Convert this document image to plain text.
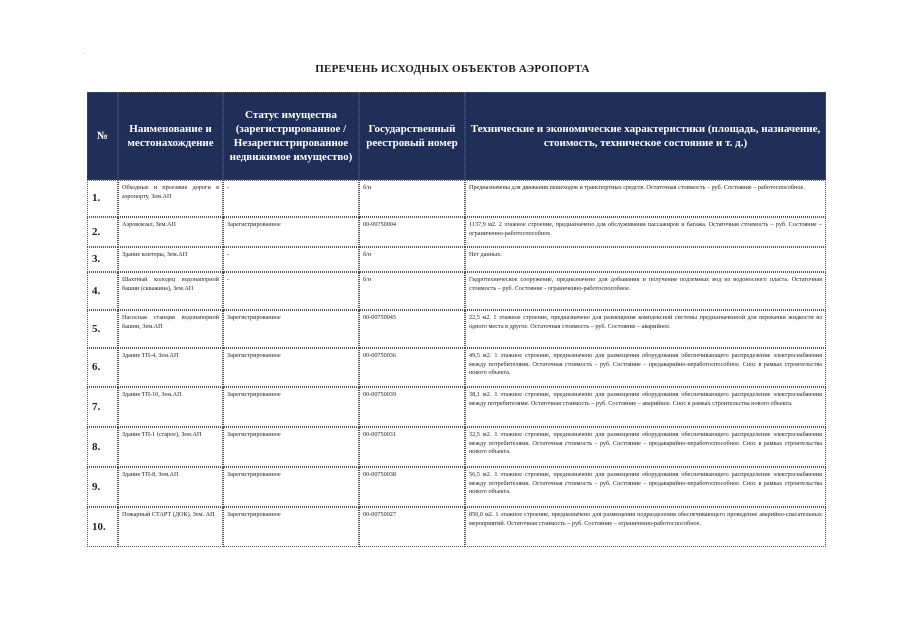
.
ПЕРЕЧЕНЬ ИСХОДНЫХ ОБЪЕКТОВ АЭРОПОРТА
№	Наименование и местонахождение	Статус имущества (зарегистрированное / Незарегистрированное недвижимое имущество)	Государственный реестровый номер	Технические и экономические характеристики (площадь, назначение, стоимость, техническое состояние и т. д.)
1.	Обходные и проезжие дороги в аэропорту, Зем.АП	-	б/н	Предназначены для движения пешеходов и транспортных средств. Остаточная стоимость – руб. Состояние – работоспособное.
2.	Аэровокзал, Зем.АП	Зарегистрированное	00-00750004	1137,9 м2. 2 этажное строение, предназначено для обслуживания пассажиров и багажа. Остаточная стоимость – руб. Состояние – ограниченно-работоспособное.
3.	Здание конторы, Зем.АП	-	б/н	Нет данных.
4.	Шахтный колодец водонапорной башни (скважина), Зем.АП	-	б/н	Гидротехническое сооружение, предназначено для добывания и получения подземных вод из водоносного пласта. Остаточная стоимость – руб. Состояние - ограниченно-работоспособное.
5.	Насосная станция водонапорной башни, Зем.АП	Зарегистрированное	00-00750045	22,5 м2. 1 этажное строение, предназначено для размещения комплексной системы предназначенной для перекачки жидкости из одного места в другое. Остаточная стоимость – руб. Состояние – аварийное.
6.	Здание ТП-4, Зем.АП	Зарегистрированное	00-00750036	49,5 м2. 1 этажное строение, предназначено для размещения оборудования обеспечивающего распределение электроснабжения между потребителями. Остаточная стоимость – руб. Состояние – предаварийно-неработоспособное. Снос в рамках строительства нового объекта.
7.	Здание ТП-10, Зем.АП	Зарегистрированное	00-00750039	38,1 м2. 1 этажное строение, предназначено для размещения оборудования обеспечивающего распределение электроснабжения между потребителями. Остаточная стоимость – руб. Состояние – аварийное. Снос в рамках строительства нового объекта.
8.	Здание ТП-1 (старое), Зем.АП	Зарегистрированное	00-00750031	32,5 м2. 1 этажное строение, предназначено для размещения оборудования обеспечивающего распределение электроснабжения между потребителями. Остаточная стоимость – руб. Состояние – предаварийно-неработоспособное. Снос в рамках строительства нового объекта.
9.	Здание ТП-8, Зем.АП	Зарегистрированное	00-00750038	56,5 м2. 1 этажное строение, предназначено для размещения оборудования обеспечивающего распределение электроснабжения между потребителями. Остаточная стоимость – руб. Состояние – предаварийно-неработоспособное. Снос в рамках строительства нового объекта.
10.	Пожарный СТАРТ (ДОК), Зем. АП	Зарегистрированное	00-00750027	850,0 м2. 1 этажное строение, предназначено для размещения подразделения обеспечивающего проведение аварийно-спасательных мероприятий. Остаточная стоимость – руб. Состояние – ограниченно-работоспособное.
